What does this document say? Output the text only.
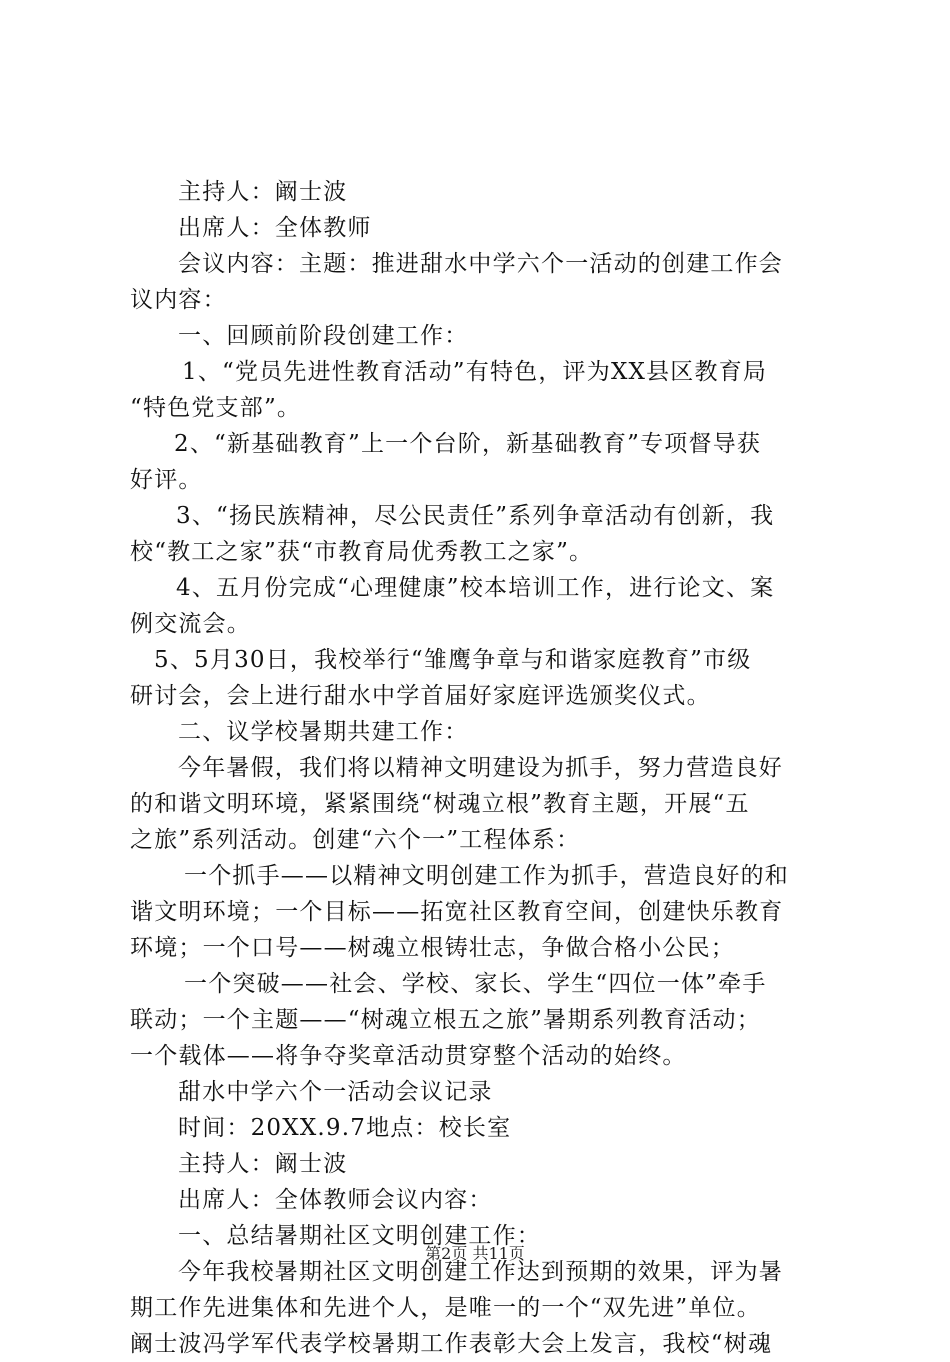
主持人：阚士波
出席人：全体教师
会议内容：主题：推进甜水中学六个一活动的创建工作会
议内容：
一、回顾前阶段创建工作：
1、“党员先进性教育活动”有特色，评为XX县区教育局
“特色党支部”。
2、“新基础教育”上一个台阶，新基础教育”专项督导获
好评。
3、“扬民族精神，尽公民责任”系列争章活动有创新，我
校“教工之家”获“市教育局优秀教工之家”。
4、五月份完成“心理健康”校本培训工作，进行论文、案
例交流会。
5、5月30日，我校举行“雏鹰争章与和谐家庭教育”市级
研讨会，会上进行甜水中学首届好家庭评选颁奖仪式。
二、议学校暑期共建工作：
今年暑假，我们将以精神文明建设为抓手，努力营造良好
的和谐文明环境，紧紧围绕“树魂立根”教育主题，开展“五
之旅”系列活动。创建“六个一”工程体系：
一个抓手——以精神文明创建工作为抓手，营造良好的和
谐文明环境；一个目标——拓宽社区教育空间，创建快乐教育
环境；一个口号——树魂立根铸壮志，争做合格小公民；
一个突破——社会、学校、家长、学生“四位一体”牵手
联动；一个主题——“树魂立根五之旅”暑期系列教育活动；
一个载体——将争夺奖章活动贯穿整个活动的始终。
甜水中学六个一活动会议记录
时间：20XX.9.7地点：校长室
主持人：阚士波
出席人：全体教师会议内容：
一、总结暑期社区文明创建工作：
今年我校暑期社区文明创建工作达到预期的效果，评为暑
期工作先进集体和先进个人，是唯一的一个“双先进”单位。
阚士波冯学军代表学校暑期工作表彰大会上发言，我校“树魂
第2页 共11页
